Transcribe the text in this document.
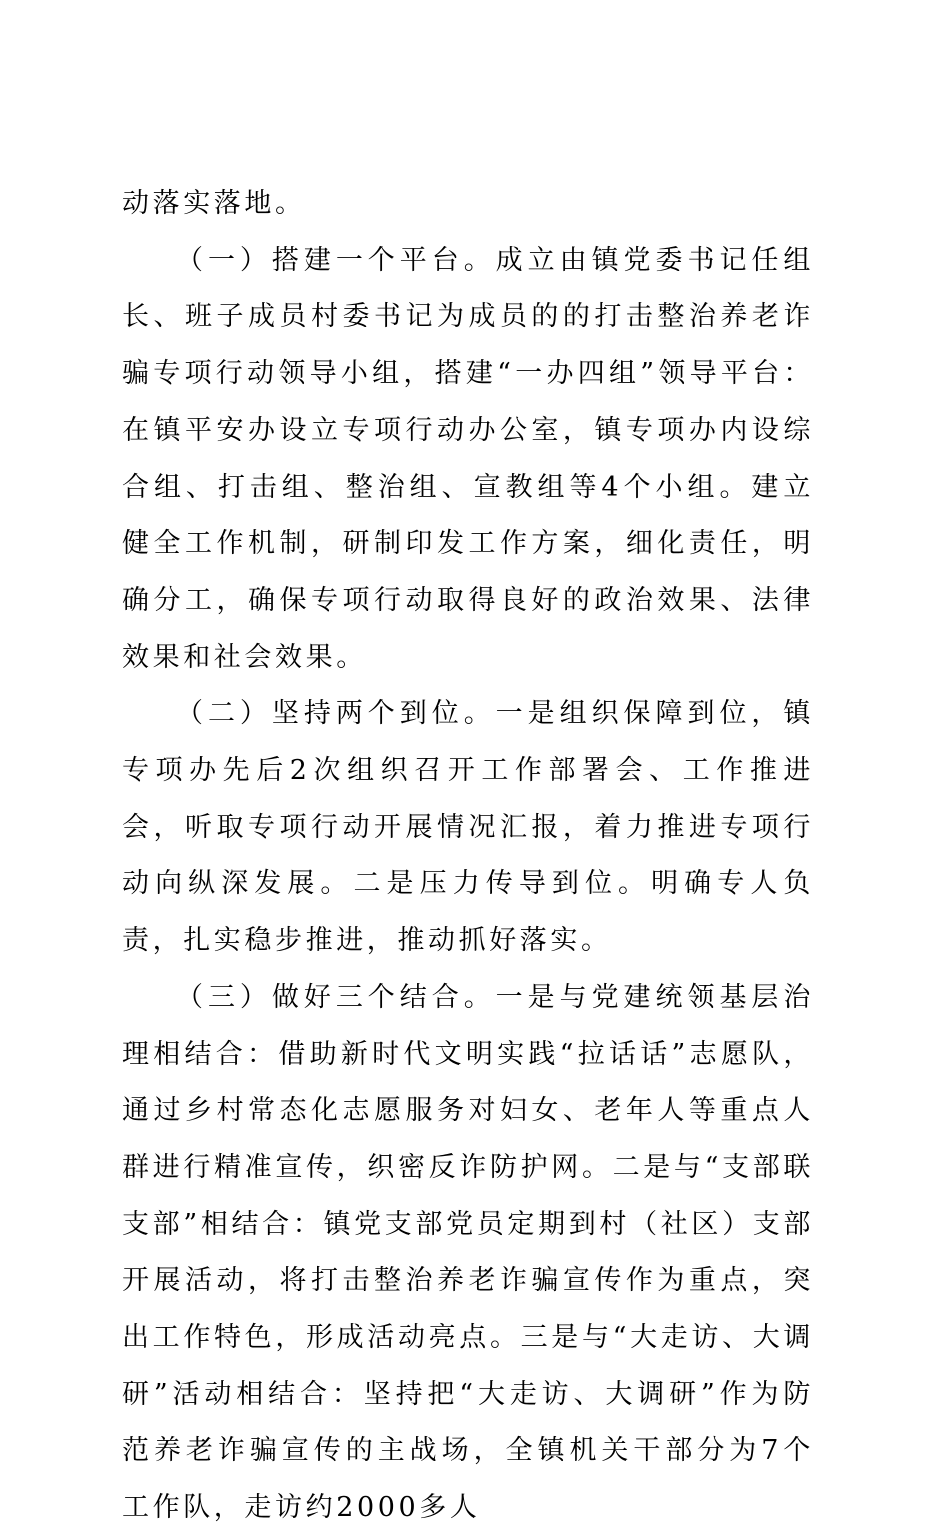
动落实落地。

（一）搭建一个平台。成立由镇党委书记任组长、班子成员村委书记为成员的的打击整治养老诈骗专项行动领导小组，搭建“一办四组”领导平台：在镇平安办设立专项行动办公室，镇专项办内设综合组、打击组、整治组、宣教组等4个小组。建立健全工作机制，研制印发工作方案，细化责任，明确分工，确保专项行动取得良好的政治效果、法律效果和社会效果。

（二）坚持两个到位。一是组织保障到位，镇专项办先后2次组织召开工作部署会、工作推进会，听取专项行动开展情况汇报，着力推进专项行动向纵深发展。二是压力传导到位。明确专人负责，扎实稳步推进，推动抓好落实。

（三）做好三个结合。一是与党建统领基层治理相结合：借助新时代文明实践“拉话话”志愿队，通过乡村常态化志愿服务对妇女、老年人等重点人群进行精准宣传，织密反诈防护网。二是与“支部联支部”相结合：镇党支部党员定期到村（社区）支部开展活动，将打击整治养老诈骗宣传作为重点，突出工作特色，形成活动亮点。三是与“大走访、大调研”活动相结合：坚持把“大走访、大调研”作为防范养老诈骗宣传的主战场，全镇机关干部分为7个工作队，走访约2000多人
